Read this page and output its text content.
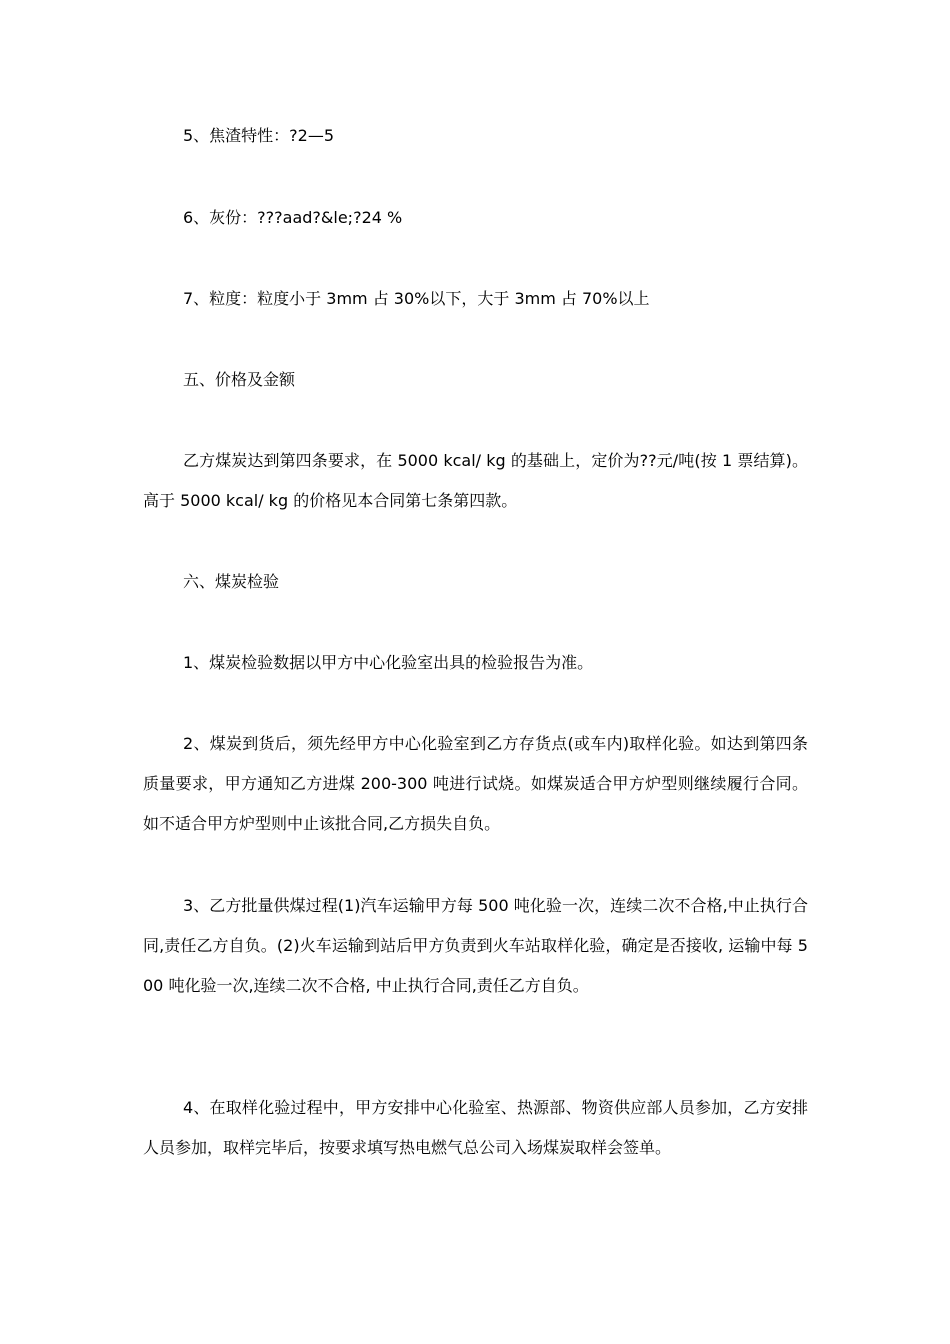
5、焦渣特性：?2—5

6、灰份：???aad?&le;?24 %

7、粒度：粒度小于 3mm 占 30%以下，大于 3mm 占 70%以上

五、价格及金额

乙方煤炭达到第四条要求，在 5000 kcal/ kg 的基础上，定价为??元/吨(按 1 票结算)。高于 5000 kcal/ kg 的价格见本合同第七条第四款。

六、煤炭检验

1、煤炭检验数据以甲方中心化验室出具的检验报告为准。

2、煤炭到货后，须先经甲方中心化验室到乙方存货点(或车内)取样化验。如达到第四条质量要求，甲方通知乙方进煤 200-300 吨进行试烧。如煤炭适合甲方炉型则继续履行合同。如不适合甲方炉型则中止该批合同,乙方损失自负。

3、乙方批量供煤过程(1)汽车运输甲方每 500 吨化验一次，连续二次不合格,中止执行合同,责任乙方自负。(2)火车运输到站后甲方负责到火车站取样化验，确定是否接收, 运输中每 500 吨化验一次,连续二次不合格, 中止执行合同,责任乙方自负。

4、在取样化验过程中，甲方安排中心化验室、热源部、物资供应部人员参加，乙方安排人员参加，取样完毕后，按要求填写热电燃气总公司入场煤炭取样会签单。
